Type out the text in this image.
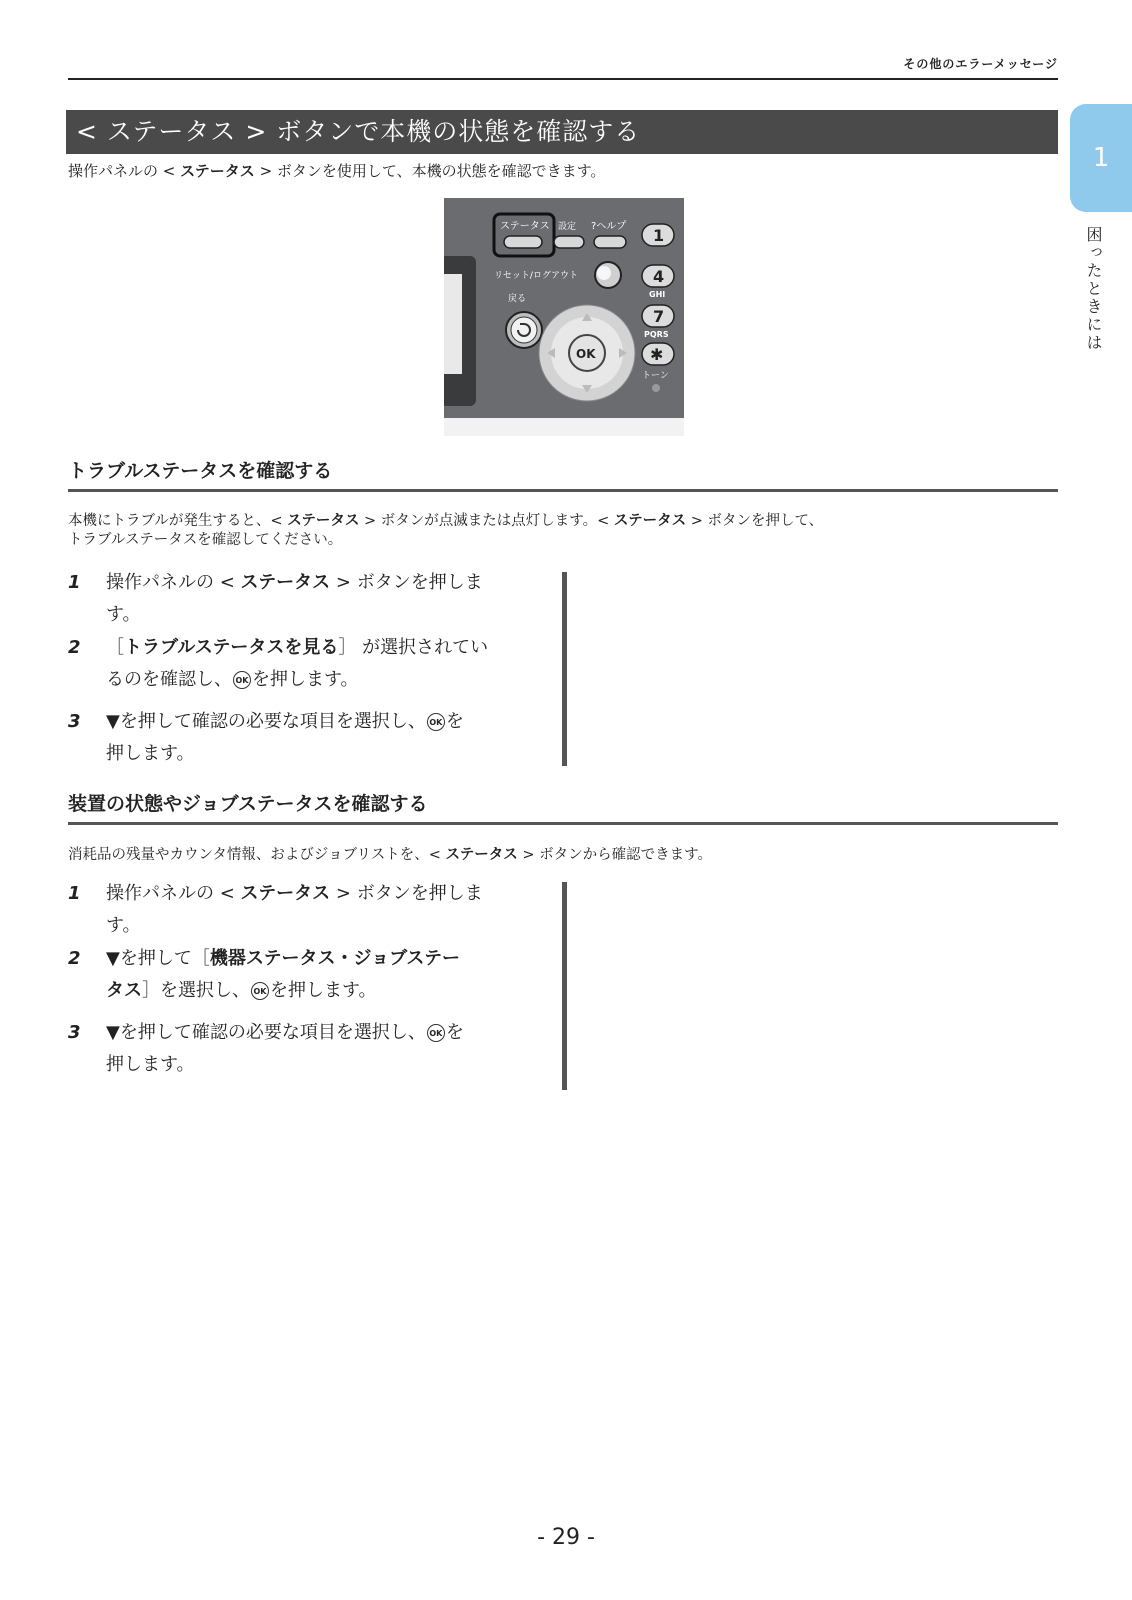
その他のエラーメッセージ
1
困ったときには
< ステータス > ボタンで本機の状態を確認する
操作パネルの < ステータス > ボタンを使用して、本機の状態を確認できます。
ステータス 設定 ?ヘルプ 1
リセット/ログアウト	4
GHI
戻る
OK
7
PQRS
✱
トーン
トラブルステータスを確認する
本機にトラブルが発生すると、< ステータス > ボタンが点滅または点灯します。< ステータス > ボタンを押して、
トラブルステータスを確認してください。
1 操作パネルの < ステータス > ボタンを押しま
す。
2 ［トラブルステータスを見る］ が選択されてい
るのを確認し、 OK を押します。
3 ▼を押して確認の必要な項目を選択し、 OK を
押します。
装置の状態やジョブステータスを確認する
消耗品の残量やカウンタ情報、およびジョブリストを、< ステータス > ボタンから確認できます。
1 操作パネルの < ステータス > ボタンを押しま
す。
2 ▼を押して［機器ステータス・ジョブステー
タス］を選択し、 OK を押します。
3 ▼を押して確認の必要な項目を選択し、 OK を
押します。
- 29 -
